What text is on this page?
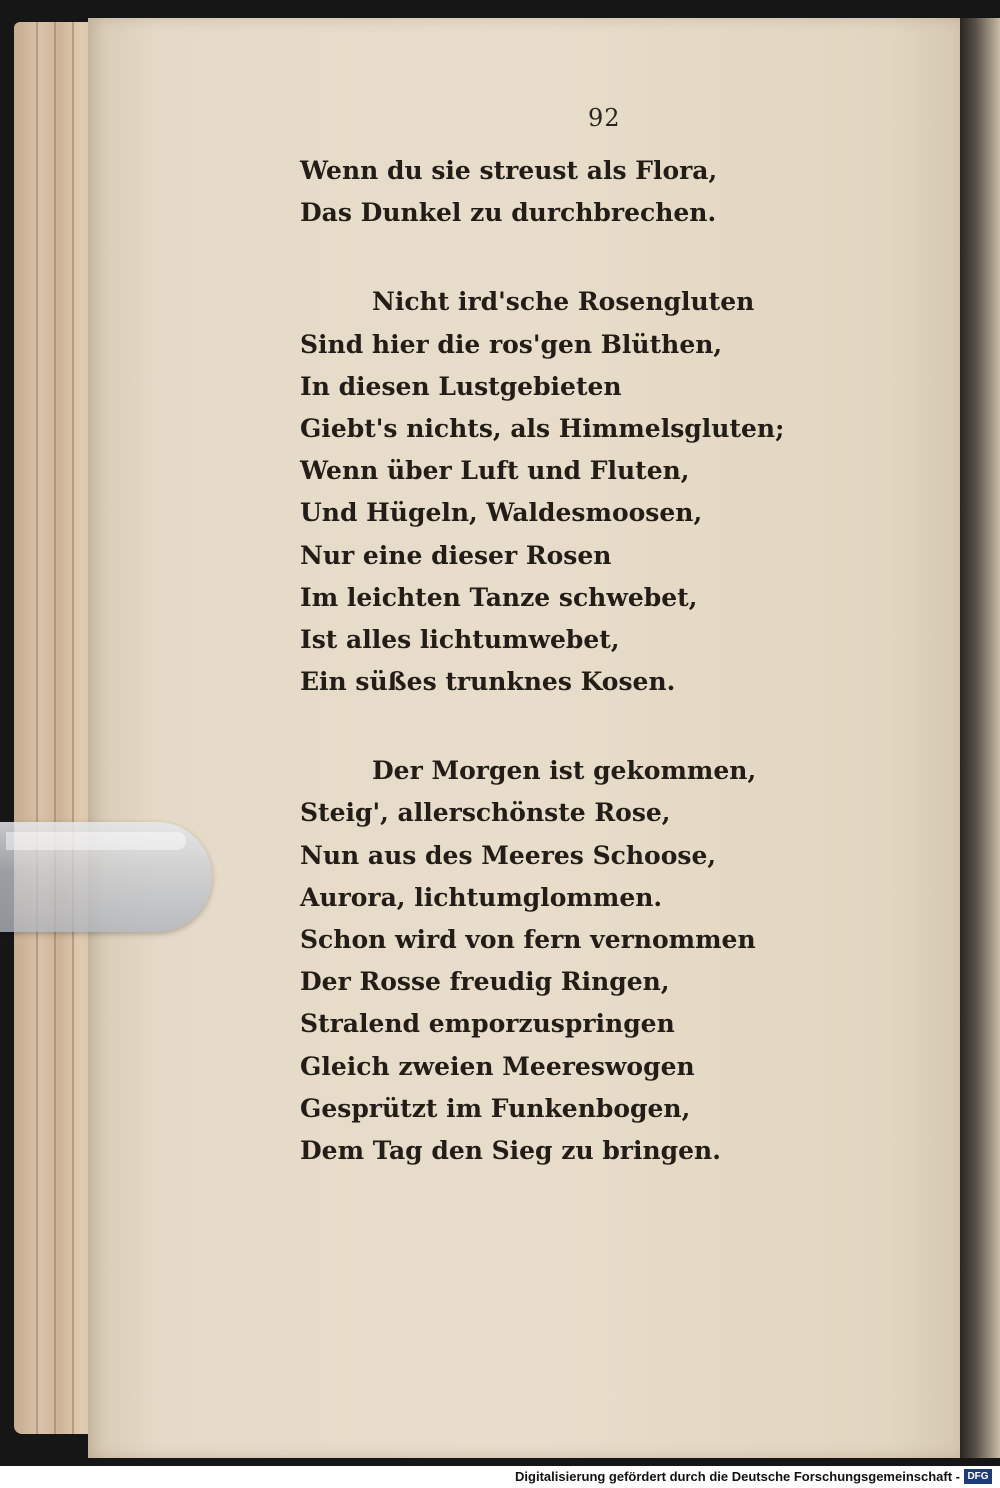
92
Wenn du sie streust als Flora,
Das Dunkel zu durchbrechen.
Nicht ird'sche Rosengluten
Sind hier die ros'gen Blüthen,
In diesen Lustgebieten
Giebt's nichts, als Himmelsgluten;
Wenn über Luft und Fluten,
Und Hügeln, Waldesmoosen,
Nur eine dieser Rosen
Im leichten Tanze schwebet,
Ist alles lichtumwebet,
Ein süßes trunknes Kosen.
Der Morgen ist gekommen,
Steig', allerschönste Rose,
Nun aus des Meeres Schoose,
Aurora, lichtumglommen.
Schon wird von fern vernommen
Der Rosse freudig Ringen,
Stralend emporzuspringen
Gleich zweien Meereswogen
Gesprützt im Funkenbogen,
Dem Tag den Sieg zu bringen.
Digitalisierung gefördert durch die Deutsche Forschungsgemeinschaft - DFG
